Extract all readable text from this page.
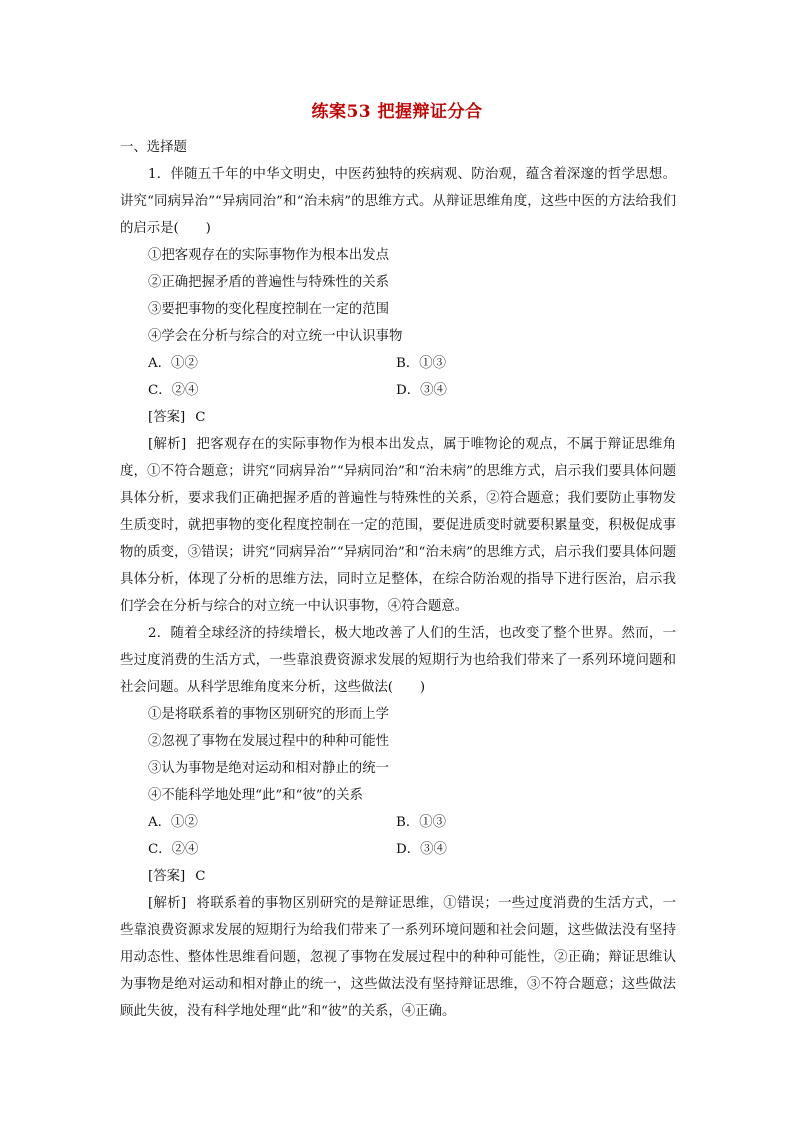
练案53 把握辩证分合

一、选择题

1．伴随五千年的中华文明史，中医药独特的疾病观、防治观，蕴含着深邃的哲学思想。讲究“同病异治”“异病同治”和“治未病”的思维方式。从辩证思维角度，这些中医的方法给我们的启示是(　　)

①把客观存在的实际事物作为根本出发点

②正确把握矛盾的普遍性与特殊性的关系

③要把事物的变化程度控制在一定的范围

④学会在分析与综合的对立统一中认识事物

A．①②	B．①③
C．②④	D．③④

[答案] C

[解析] 把客观存在的实际事物作为根本出发点，属于唯物论的观点，不属于辩证思维角度，①不符合题意；讲究“同病异治”“异病同治”和“治未病”的思维方式，启示我们要具体问题具体分析，要求我们正确把握矛盾的普遍性与特殊性的关系，②符合题意；我们要防止事物发生质变时，就把事物的变化程度控制在一定的范围，要促进质变时就要积累量变，积极促成事物的质变，③错误；讲究“同病异治”“异病同治”和“治未病”的思维方式，启示我们要具体问题具体分析，体现了分析的思维方法，同时立足整体，在综合防治观的指导下进行医治，启示我们学会在分析与综合的对立统一中认识事物，④符合题意。

2．随着全球经济的持续增长，极大地改善了人们的生活，也改变了整个世界。然而，一些过度消费的生活方式，一些靠浪费资源求发展的短期行为也给我们带来了一系列环境问题和社会问题。从科学思维角度来分析，这些做法(　　)

①是将联系着的事物区别研究的形而上学

②忽视了事物在发展过程中的种种可能性

③认为事物是绝对运动和相对静止的统一

④不能科学地处理“此”和“彼”的关系

A．①②	B．①③
C．②④	D．③④

[答案] C

[解析] 将联系着的事物区别研究的是辩证思维，①错误；一些过度消费的生活方式，一些靠浪费资源求发展的短期行为给我们带来了一系列环境问题和社会问题，这些做法没有坚持用动态性、整体性思维看问题，忽视了事物在发展过程中的种种可能性，②正确；辩证思维认为事物是绝对运动和相对静止的统一，这些做法没有坚持辩证思维，③不符合题意；这些做法顾此失彼，没有科学地处理“此”和“彼”的关系，④正确。
